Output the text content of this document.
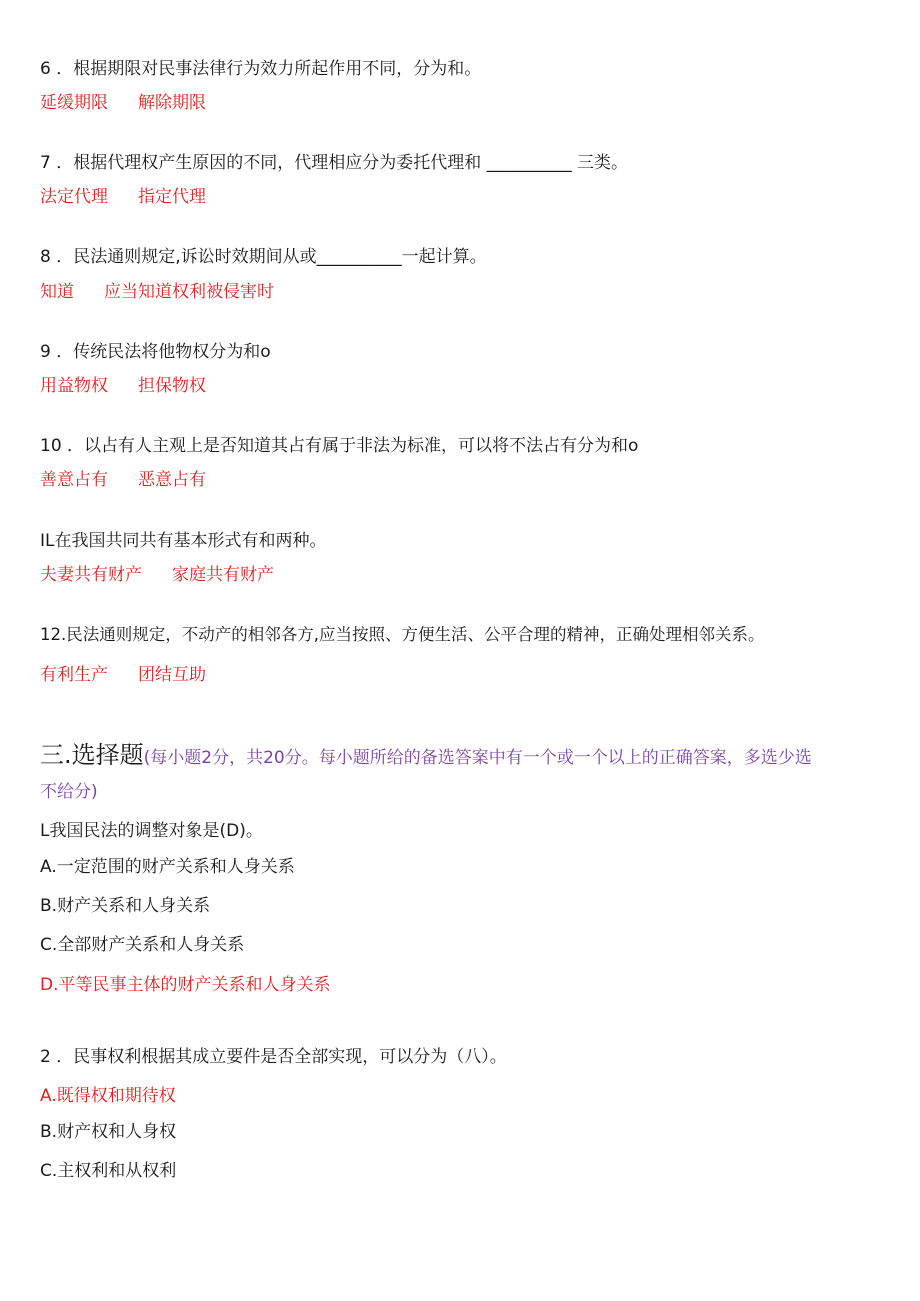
6 ．根据期限对民事法律行为效力所起作用不同，分为和。
延缓期限 解除期限
7 ．根据代理权产生原因的不同，代理相应分为委托代理和 __________ 三类。
法定代理 指定代理
8 ．民法通则规定,诉讼时效期间从或__________一起计算。
知道 应当知道权利被侵害时
9 ．传统民法将他物权分为和o
用益物权 担保物权
10 ．以占有人主观上是否知道其占有属于非法为标准，可以将不法占有分为和o
善意占有 恶意占有
IL在我国共同共有基本形式有和两种。
夫妻共有财产 家庭共有财产
12.民法通则规定，不动产的相邻各方,应当按照、方便生活、公平合理的精神，正确处理相邻关系。
有利生产 团结互助
三.选择题(每小题2分，共20分。每小题所给的备选答案中有一个或一个以上的正确答案，多选少选
不给分)
L我国民法的调整对象是(D)。
A.一定范围的财产关系和人身关系
B.财产关系和人身关系
C.全部财产关系和人身关系
D.平等民事主体的财产关系和人身关系
2 ．民事权利根据其成立要件是否全部实现，可以分为（八）。
A.既得权和期待权
B.财产权和人身权
C.主权利和从权利
